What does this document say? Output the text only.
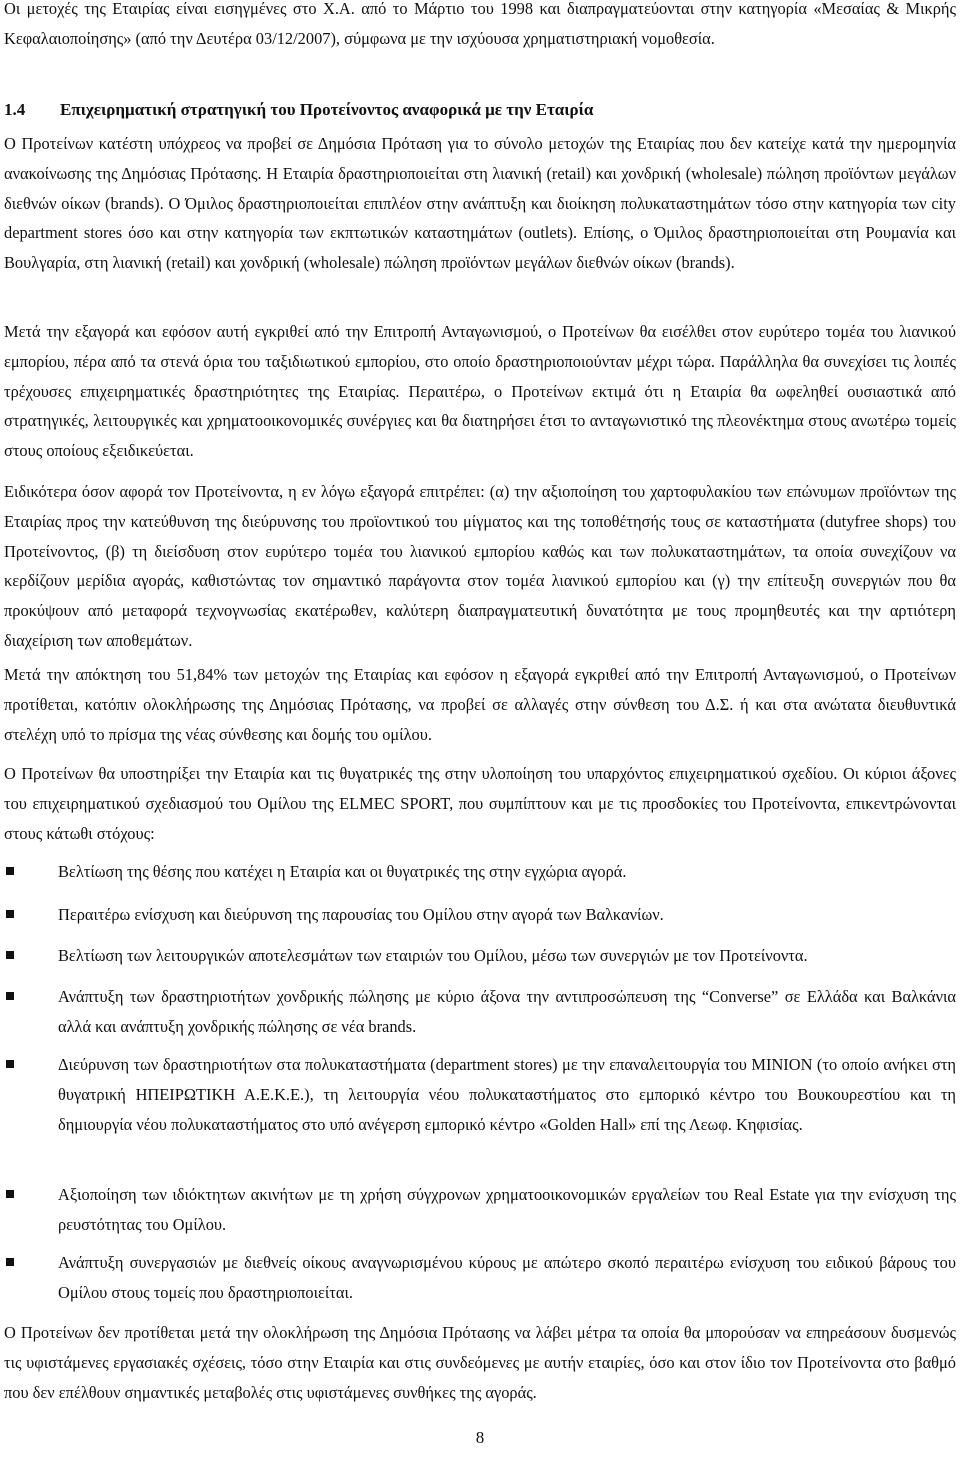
Οι μετοχές της Εταιρίας είναι εισηγμένες στο Χ.Α. από το Μάρτιο του 1998 και διαπραγματεύονται στην κατηγορία «Μεσαίας & Μικρής Κεφαλαιοποίησης» (από την Δευτέρα 03/12/2007), σύμφωνα με την ισχύουσα χρηματιστηριακή νομοθεσία.

1.4 Επιχειρηματική στρατηγική του Προτείνοντος αναφορικά με την Εταιρία

Ο Προτείνων κατέστη υπόχρεος να προβεί σε Δημόσια Πρόταση για το σύνολο μετοχών της Εταιρίας που δεν κατείχε κατά την ημερομηνία ανακοίνωσης της Δημόσιας Πρότασης. Η Εταιρία δραστηριοποιείται στη λιανική (retail) και χονδρική (wholesale) πώληση προϊόντων μεγάλων διεθνών οίκων (brands). Ο Όμιλος δραστηριοποιείται επιπλέον στην ανάπτυξη και διοίκηση πολυκαταστημάτων τόσο στην κατηγορία των city department stores όσο και στην κατηγορία των εκπτωτικών καταστημάτων (outlets). Επίσης, ο Όμιλος δραστηριοποιείται στη Ρουμανία και Βουλγαρία, στη λιανική (retail) και χονδρική (wholesale) πώληση προϊόντων μεγάλων διεθνών οίκων (brands).

Μετά την εξαγορά και εφόσον αυτή εγκριθεί από την Επιτροπή Ανταγωνισμού, ο Προτείνων θα εισέλθει στον ευρύτερο τομέα του λιανικού εμπορίου, πέρα από τα στενά όρια του ταξιδιωτικού εμπορίου, στο οποίο δραστηριοποιούνταν μέχρι τώρα. Παράλληλα θα συνεχίσει τις λοιπές τρέχουσες επιχειρηματικές δραστηριότητες της Εταιρίας. Περαιτέρω, ο Προτείνων εκτιμά ότι η Εταιρία θα ωφεληθεί ουσιαστικά από στρατηγικές, λειτουργικές και χρηματοοικονομικές συνέργιες και θα διατηρήσει έτσι το ανταγωνιστικό της πλεονέκτημα στους ανωτέρω τομείς στους οποίους εξειδικεύεται.

Ειδικότερα όσον αφορά τον Προτείνοντα, η εν λόγω εξαγορά επιτρέπει: (α) την αξιοποίηση του χαρτοφυλακίου των επώνυμων προϊόντων της Εταιρίας προς την κατεύθυνση της διεύρυνσης του προϊοντικού του μίγματος και της τοποθέτησής τους σε καταστήματα (dutyfree shops) του Προτείνοντος, (β) τη διείσδυση στον ευρύτερο τομέα του λιανικού εμπορίου καθώς και των πολυκαταστημάτων, τα οποία συνεχίζουν να κερδίζουν μερίδια αγοράς, καθιστώντας τον σημαντικό παράγοντα στον τομέα λιανικού εμπορίου και (γ) την επίτευξη συνεργιών που θα προκύψουν από μεταφορά τεχνογνωσίας εκατέρωθεν, καλύτερη διαπραγματευτική δυνατότητα με τους προμηθευτές και την αρτιότερη διαχείριση των αποθεμάτων.

Μετά την απόκτηση του 51,84% των μετοχών της Εταιρίας και εφόσον η εξαγορά εγκριθεί από την Επιτροπή Ανταγωνισμού, ο Προτείνων προτίθεται, κατόπιν ολοκλήρωσης της Δημόσιας Πρότασης, να προβεί σε αλλαγές στην σύνθεση του Δ.Σ. ή και στα ανώτατα διευθυντικά στελέχη υπό το πρίσμα της νέας σύνθεσης και δομής του ομίλου.

Ο Προτείνων θα υποστηρίξει την Εταιρία και τις θυγατρικές της στην υλοποίηση του υπαρχόντος επιχειρηματικού σχεδίου. Οι κύριοι άξονες του επιχειρηματικού σχεδιασμού του Ομίλου της ELMEC SPORT, που συμπίπτουν και με τις προσδοκίες του Προτείνοντα, επικεντρώνονται στους κάτωθι στόχους:

Βελτίωση της θέσης που κατέχει η Εταιρία και οι θυγατρικές της στην εγχώρια αγορά.
Περαιτέρω ενίσχυση και διεύρυνση της παρουσίας του Ομίλου στην αγορά των Βαλκανίων.
Βελτίωση των λειτουργικών αποτελεσμάτων των εταιριών του Ομίλου, μέσω των συνεργιών με τον Προτείνοντα.
Ανάπτυξη των δραστηριοτήτων χονδρικής πώλησης με κύριο άξονα την αντιπροσώπευση της “Converse” σε Ελλάδα και Βαλκάνια αλλά και ανάπτυξη χονδρικής πώλησης σε νέα brands.
Διεύρυνση των δραστηριοτήτων στα πολυκαταστήματα (department stores) με την επαναλειτουργία του MINION (το οποίο ανήκει στη θυγατρική ΗΠΕΙΡΩΤΙΚΗ Α.Ε.Κ.Ε.), τη λειτουργία νέου πολυκαταστήματος στο εμπορικό κέντρο του Βουκουρεστίου και τη δημιουργία νέου πολυκαταστήματος στο υπό ανέγερση εμπορικό κέντρο «Golden Hall» επί της Λεωφ. Κηφισίας.
Αξιοποίηση των ιδιόκτητων ακινήτων με τη χρήση σύγχρονων χρηματοοικονομικών εργαλείων του Real Estate για την ενίσχυση της ρευστότητας του Ομίλου.
Ανάπτυξη συνεργασιών με διεθνείς οίκους αναγνωρισμένου κύρους με απώτερο σκοπό περαιτέρω ενίσχυση του ειδικού βάρους του Ομίλου στους τομείς που δραστηριοποιείται.

Ο Προτείνων δεν προτίθεται μετά την ολοκλήρωση της Δημόσια Πρότασης να λάβει μέτρα τα οποία θα μπορούσαν να επηρεάσουν δυσμενώς τις υφιστάμενες εργασιακές σχέσεις, τόσο στην Εταιρία και στις συνδεόμενες με αυτήν εταιρίες, όσο και στον ίδιο τον Προτείνοντα στο βαθμό που δεν επέλθουν σημαντικές μεταβολές στις υφιστάμενες συνθήκες της αγοράς.

8
